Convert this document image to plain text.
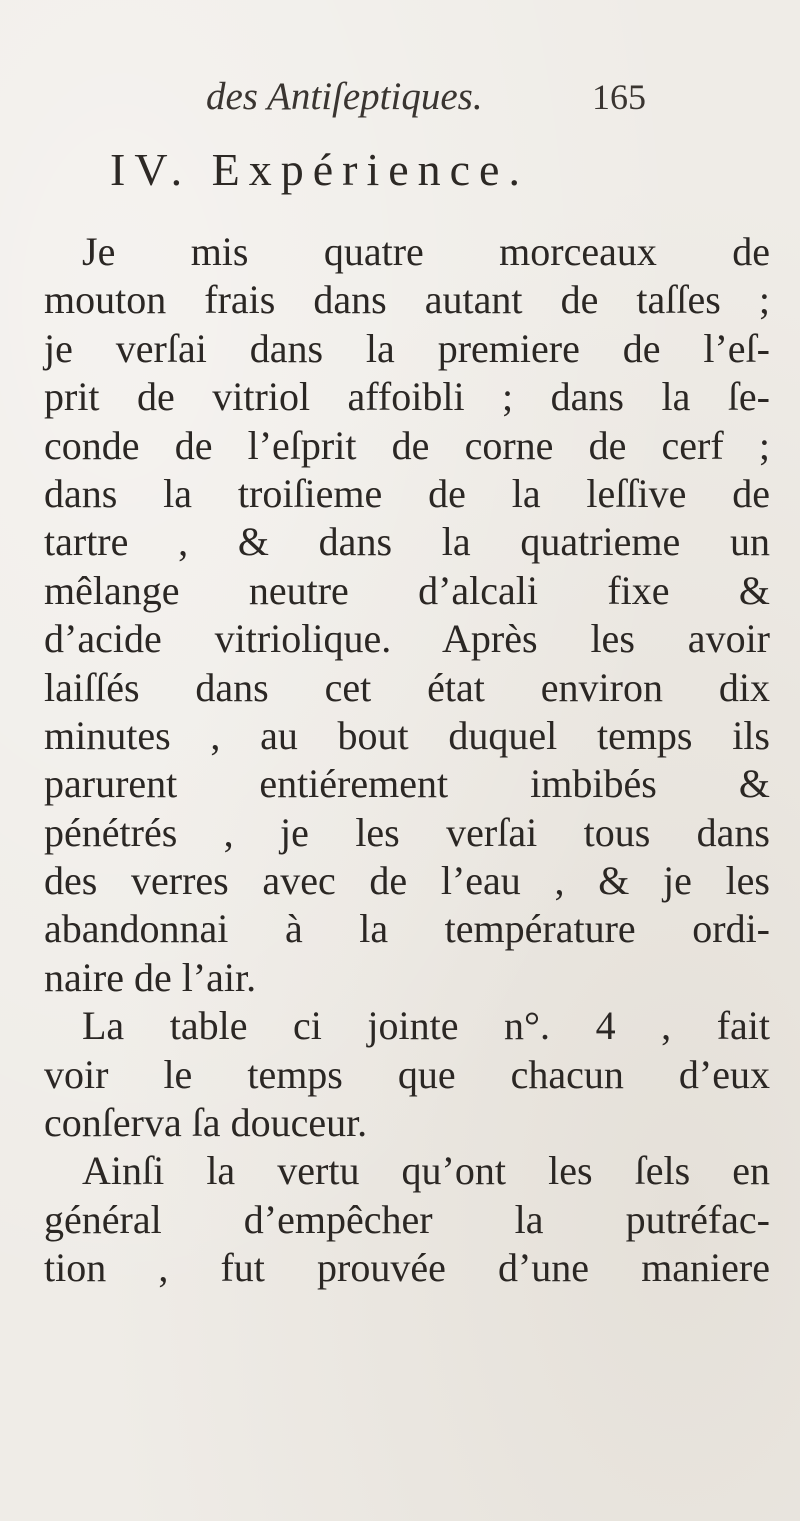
des Antiſeptiques.	165
IV. Expérience.
Je mis quatre morceaux de
mouton frais dans autant de taſſes ;
je verſai dans la premiere de l’eſ-
prit de vitriol affoibli ; dans la ſe-
conde de l’eſprit de corne de cerf ;
dans la troiſieme de la leſſive de
tartre , & dans la quatrieme un
mêlange neutre d’alcali fixe &
d’acide vitriolique. Après les avoir
laiſſés dans cet état environ dix
minutes , au bout duquel temps ils
parurent entiérement imbibés &
pénétrés , je les verſai tous dans
des verres avec de l’eau , & je les
abandonnai à la température ordi-
naire de l’air.
La table ci jointe n°. 4 , fait
voir le temps que chacun d’eux
conſerva ſa douceur.
Ainſi la vertu qu’ont les ſels en
général d’empêcher la putréfac-
tion , fut prouvée d’une maniere
